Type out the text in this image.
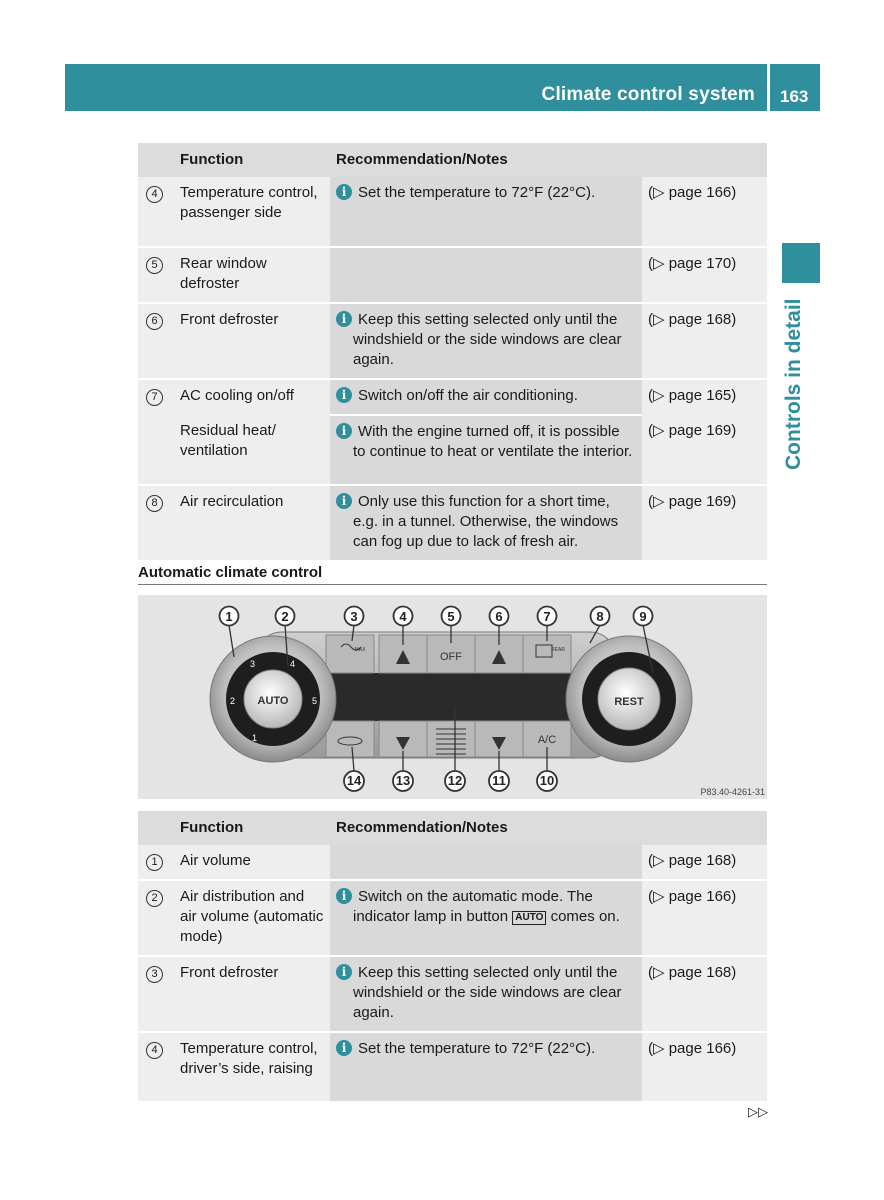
Climate control system 163
Controls in detail
	Function	Recommendation/Notes	
4	Temperature control, passenger side	i Set the temperature to 72°F (22°C).	(▷ page 166)
5	Rear window defroster		(▷ page 170)
6	Front defroster	i Keep this setting selected only until the windshield or the side windows are clear again.	(▷ page 168)
7	AC cooling on/off	i Switch on/off the air conditioning.	(▷ page 165)
	Residual heat/ ventilation	i With the engine turned off, it is possible to continue to heat or ventilate the interior.	(▷ page 169)
8	Air recirculation	i Only use this function for a short time, e.g. in a tunnel. Otherwise, the windows can fog up due to lack of fresh air.	(▷ page 169)
Automatic climate control
OFF
MAX	REAR
A/C
AUTO
1
2
3	4
5	REST
1	2	3	4	5	6	7	8	9
14	13	12 11	10
P83.40-4261-31
	Function	Recommendation/Notes	
1	Air volume		(▷ page 168)
2	Air distribution and air volume (automatic mode)	i Switch on the automatic mode. The indicator lamp in button AUTO comes on.	(▷ page 166)
3	Front defroster	i Keep this setting selected only until the windshield or the side windows are clear again.	(▷ page 168)
4	Temperature control, driver’s side, raising	i Set the temperature to 72°F (22°C).	(▷ page 166)
▷▷
